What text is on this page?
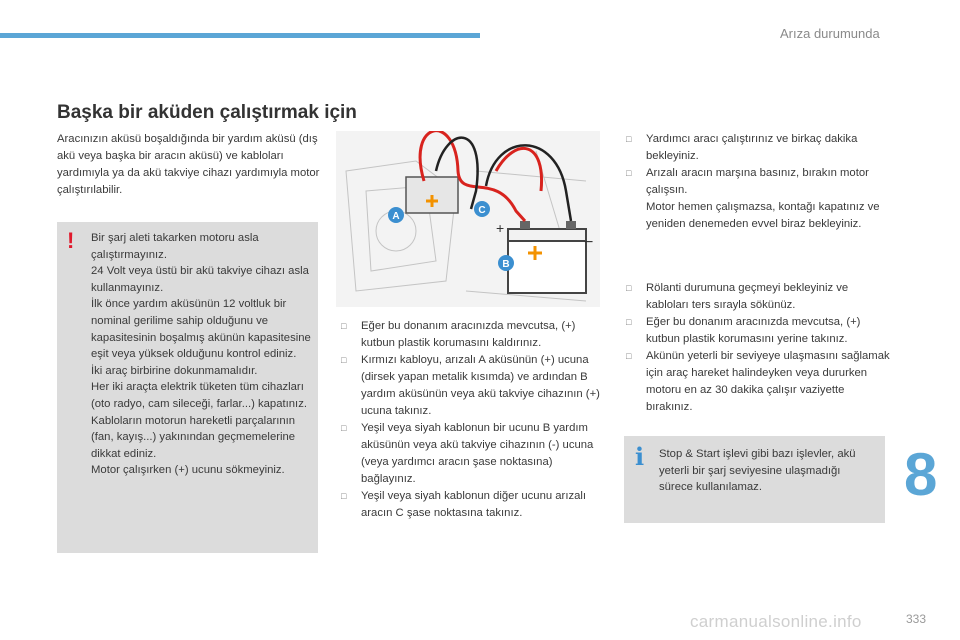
Arıza durumunda
Başka bir aküden çalıştırmak için
Aracınızın aküsü boşaldığında bir yardım aküsü (dış akü veya başka bir aracın aküsü) ve kabloları yardımıyla ya da akü takviye cihazı yardımıyla motor çalıştırılabilir.
! Bir şarj aleti takarken motoru asla çalıştırmayınız.
24 Volt veya üstü bir akü takviye cihazı asla kullanmayınız.
İlk önce yardım aküsünün 12 voltluk bir nominal gerilime sahip olduğunu ve kapasitesinin boşalmış akünün kapasitesine eşit veya yüksek olduğunu kontrol ediniz.
İki araç birbirine dokunmamalıdır.
Her iki araçta elektrik tüketen tüm cihazları (oto radyo, cam sileceği, farlar...) kapatınız.
Kabloların motorun hareketli parçalarının (fan, kayış...) yakınından geçmemelerine dikkat ediniz.
Motor çalışırken (+) ucunu sökmeyiniz.
A
C
B
+
−
□ Eğer bu donanım aracınızda mevcutsa, (+) kutbun plastik korumasını kaldırınız.
□ Kırmızı kabloyu, arızalı A aküsünün (+) ucuna (dirsek yapan metalik kısımda) ve ardından B yardım aküsünün veya akü takviye cihazının (+) ucuna takınız.
□ Yeşil veya siyah kablonun bir ucunu B yardım aküsünün veya akü takviye cihazının (-) ucuna (veya yardımcı aracın şase noktasına) bağlayınız.
□ Yeşil veya siyah kablonun diğer ucunu arızalı aracın C şase noktasına takınız.
□ Yardımcı aracı çalıştırınız ve birkaç dakika bekleyiniz.
□ Arızalı aracın marşına basınız, bırakın motor çalışsın.
Motor hemen çalışmazsa, kontağı kapatınız ve yeniden denemeden evvel biraz bekleyiniz.
□ Rölanti durumuna geçmeyi bekleyiniz ve kabloları ters sırayla sökünüz.
□ Eğer bu donanım aracınızda mevcutsa, (+) kutbun plastik korumasını yerine takınız.
□ Akünün yeterli bir seviyeye ulaşmasını sağlamak için araç hareket halindeyken veya dururken motoru en az 30 dakika çalışır vaziyette bırakınız.
i Stop & Start işlevi gibi bazı işlevler, akü yeterli bir şarj seviyesine ulaşmadığı sürece kullanılamaz.	8
carmanualsonline.info	333
